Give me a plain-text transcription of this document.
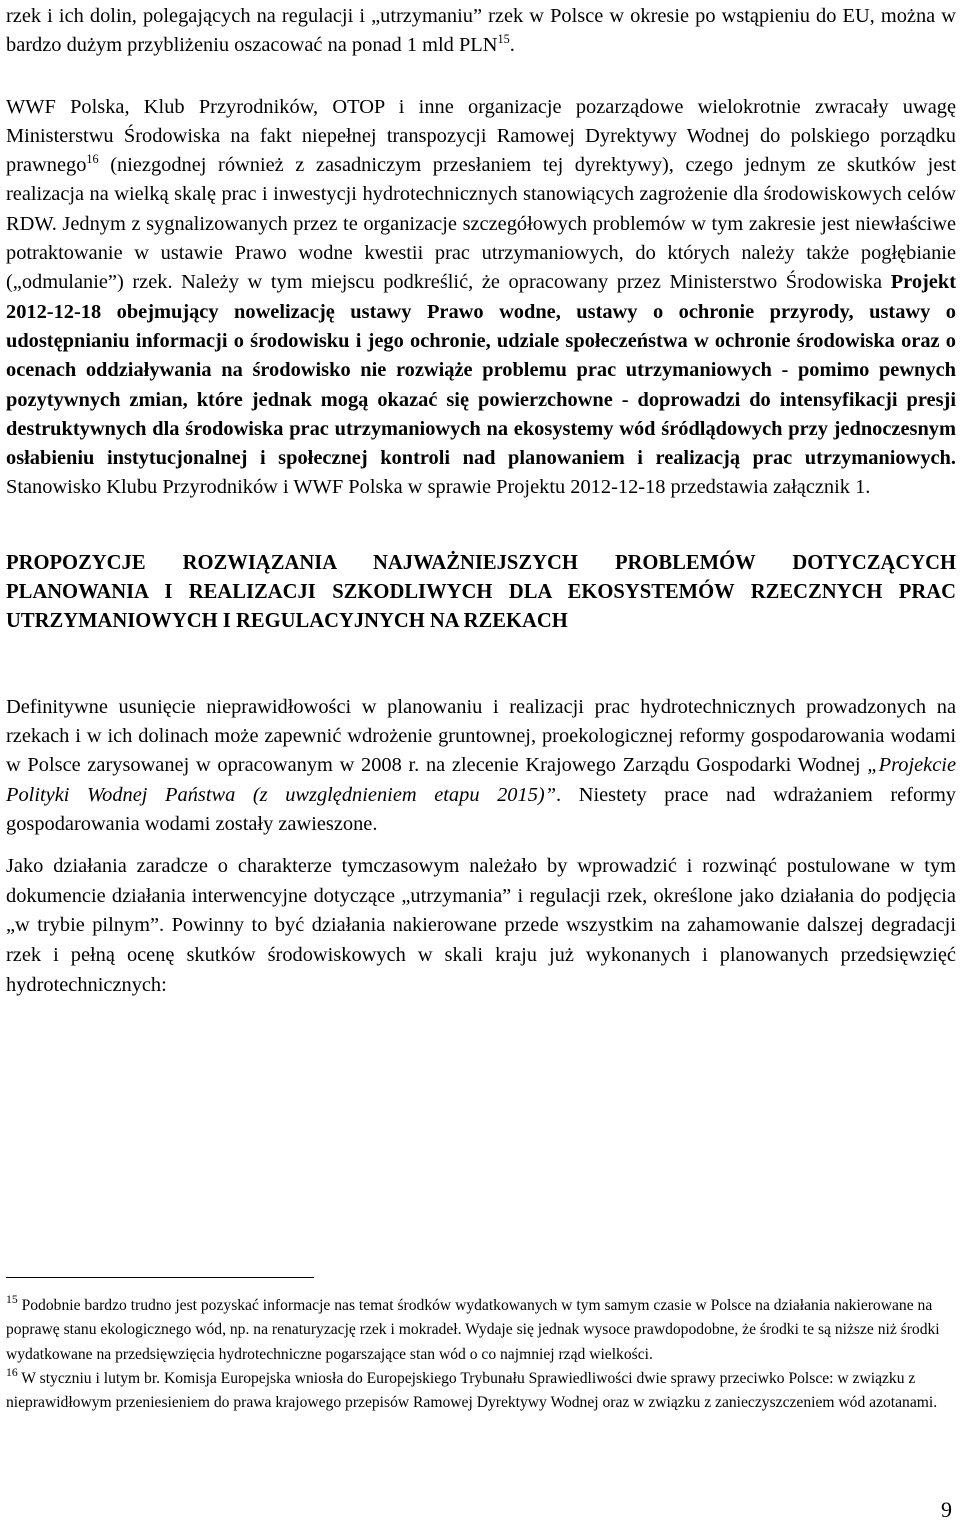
rzek i ich dolin, polegających na regulacji i „utrzymaniu” rzek w Polsce w okresie po wstąpieniu do EU, można w bardzo dużym przybliżeniu oszacować na ponad 1 mld PLN$^{15}$.

WWF Polska, Klub Przyrodników, OTOP i inne organizacje pozarządowe wielokrotnie zwracały uwagę Ministerstwu Środowiska na fakt niepełnej transpozycji Ramowej Dyrektywy Wodnej do polskiego porządku prawnego$^{16}$ (niezgodnej również z zasadniczym przesłaniem tej dyrektywy), czego jednym ze skutków jest realizacja na wielką skalę prac i inwestycji hydrotechnicznych stanowiących zagrożenie dla środowiskowych celów RDW. Jednym z sygnalizowanych przez te organizacje szczegółowych problemów w tym zakresie jest niewłaściwe potraktowanie w ustawie Prawo wodne kwestii prac utrzymaniowych, do których należy także pogłębianie („odmulanie”) rzek. Należy w tym miejscu podkreślić, że opracowany przez Ministerstwo Środowiska Projekt 2012-12-18 obejmujący nowelizację ustawy Prawo wodne, ustawy o ochronie przyrody, ustawy o udostępnianiu informacji o środowisku i jego ochronie, udziale społeczeństwa w ochronie środowiska oraz o ocenach oddziaływania na środowisko nie rozwiąże problemu prac utrzymaniowych - pomimo pewnych pozytywnych zmian, które jednak mogą okazać się powierzchowne - doprowadzi do intensyfikacji presji destruktywnych dla środowiska prac utrzymaniowych na ekosystemy wód śródlądowych przy jednoczesnym osłabieniu instytucjonalnej i społecznej kontroli nad planowaniem i realizacją prac utrzymaniowych. Stanowisko Klubu Przyrodników i WWF Polska w sprawie Projektu 2012-12-18 przedstawia załącznik 1.

PROPOZYCJE ROZWIĄZANIA NAJWAŻNIEJSZYCH PROBLEMÓW DOTYCZĄCYCH PLANOWANIA I REALIZACJI SZKODLIWYCH DLA EKOSYSTEMÓW RZECZNYCH PRAC UTRZYMANIOWYCH I REGULACYJNYCH NA RZEKACH

Definitywne usunięcie nieprawidłowości w planowaniu i realizacji prac hydrotechnicznych prowadzonych na rzekach i w ich dolinach może zapewnić wdrożenie gruntownej, proekologicznej reformy gospodarowania wodami w Polsce zarysowanej w opracowanym w 2008 r. na zlecenie Krajowego Zarządu Gospodarki Wodnej „Projekcie Polityki Wodnej Państwa (z uwzględnieniem etapu 2015)”. Niestety prace nad wdrażaniem reformy gospodarowania wodami zostały zawieszone.

Jako działania zaradcze o charakterze tymczasowym należało by wprowadzić i rozwinąć postulowane w tym dokumencie działania interwencyjne dotyczące „utrzymania” i regulacji rzek, określone jako działania do podjęcia „w trybie pilnym”. Powinny to być działania nakierowane przede wszystkim na zahamowanie dalszej degradacji rzek i pełną ocenę skutków środowiskowych w skali kraju już wykonanych i planowanych przedsięwzięć hydrotechnicznych:

$^{15}$ Podobnie bardzo trudno jest pozyskać informacje nas temat środków wydatkowanych w tym samym czasie w Polsce na działania nakierowane na poprawę stanu ekologicznego wód, np. na renaturyzację rzek i mokradeł. Wydaje się jednak wysoce prawdopodobne, że środki te są niższe niż środki wydatkowane na przedsięwzięcia hydrotechniczne pogarszające stan wód o co najmniej rząd wielkości.

$^{16}$ W styczniu i lutym br. Komisja Europejska wniosła do Europejskiego Trybunału Sprawiedliwości dwie sprawy przeciwko Polsce: w związku z nieprawidłowym przeniesieniem do prawa krajowego przepisów Ramowej Dyrektywy Wodnej oraz w związku z zanieczyszczeniem wód azotanami.

9
